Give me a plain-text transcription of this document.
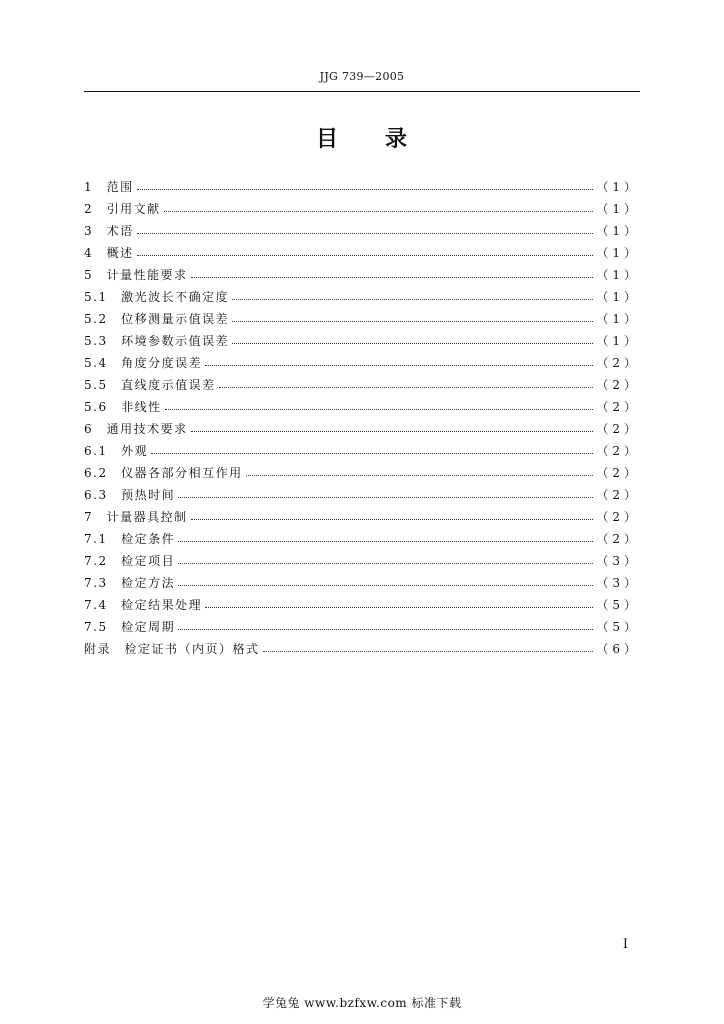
JJG 739—2005
目　　录
1　范围	（1）
2　引用文献	（1）
3　术语	（1）
4　概述	（1）
5　计量性能要求	（1）
5.1　激光波长不确定度	（1）
5.2　位移测量示值误差	（1）
5.3　环境参数示值误差	（1）
5.4　角度分度误差	（2）
5.5　直线度示值误差	（2）
5.6　非线性	（2）
6　通用技术要求	（2）
6.1　外观	（2）
6.2　仪器各部分相互作用	（2）
6.3　预热时间	（2）
7　计量器具控制	（2）
7.1　检定条件	（2）
7.2　检定项目	（3）
7.3　检定方法	（3）
7.4　检定结果处理	（5）
7.5　检定周期	（5）
附录　检定证书（内页）格式	（6）
I
学兔兔 www.bzfxw.com 标准下载
